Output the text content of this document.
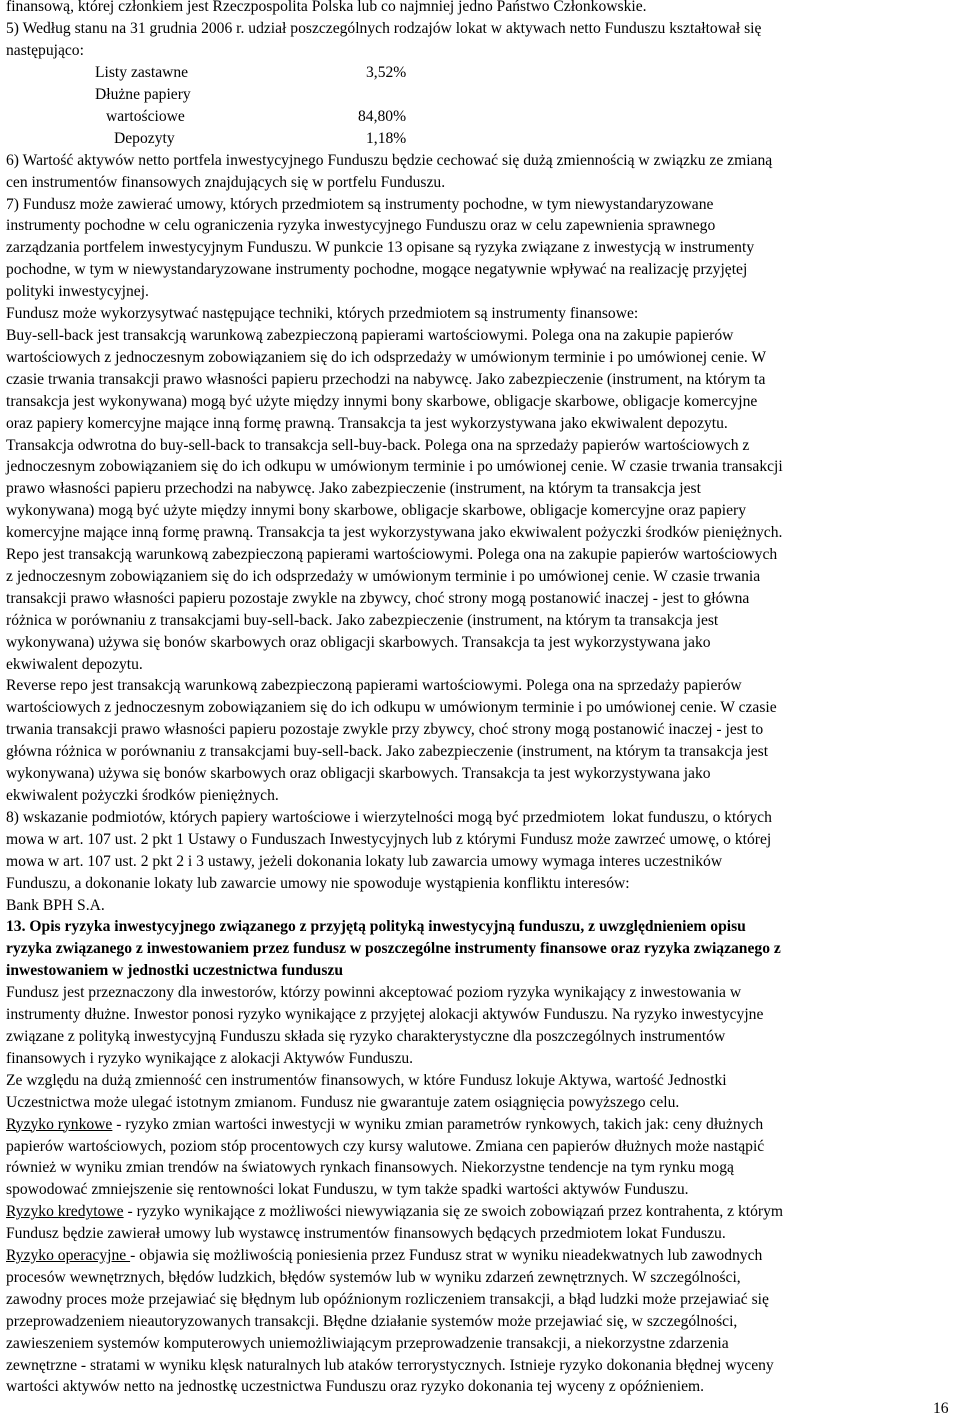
finansową, której członkiem jest Rzeczpospolita Polska lub co najmniej jedno Państwo Członkowskie.

5) Według stanu na 31 grudnia 2006 r. udział poszczególnych rodzajów lokat w aktywach netto Funduszu kształtował się

następująco:

Listy zastawne	3,52%
Dłużne papiery
wartościowe	84,80%
Depozyty	1,18%

6) Wartość aktywów netto portfela inwestycyjnego Funduszu będzie cechować się dużą zmiennością w związku ze zmianą

cen instrumentów finansowych znajdujących się w portfelu Funduszu.

7) Fundusz może zawierać umowy, których przedmiotem są instrumenty pochodne, w tym niewystandaryzowane

instrumenty pochodne w celu ograniczenia ryzyka inwestycyjnego Funduszu oraz w celu zapewnienia sprawnego

zarządzania portfelem inwestycyjnym Funduszu. W punkcie 13 opisane są ryzyka związane z inwestycją w instrumenty

pochodne, w tym w niewystandaryzowane instrumenty pochodne, mogące negatywnie wpływać na realizację przyjętej

polityki inwestycyjnej.

Fundusz może wykorzysytwać następujące techniki, których przedmiotem są instrumenty finansowe:

Buy-sell-back jest transakcją warunkową zabezpieczoną papierami wartościowymi. Polega ona na zakupie papierów

wartościowych z jednoczesnym zobowiązaniem się do ich odsprzedaży w umówionym terminie i po umówionej cenie. W

czasie trwania transakcji prawo własności papieru przechodzi na nabywcę. Jako zabezpieczenie (instrument, na którym ta

transakcja jest wykonywana) mogą być użyte między innymi bony skarbowe, obligacje skarbowe, obligacje komercyjne

oraz papiery komercyjne mające inną formę prawną. Transakcja ta jest wykorzystywana jako ekwiwalent depozytu.

Transakcja odwrotna do buy-sell-back to transakcja sell-buy-back. Polega ona na sprzedaży papierów wartościowych z

jednoczesnym zobowiązaniem się do ich odkupu w umówionym terminie i po umówionej cenie. W czasie trwania transakcji

prawo własności papieru przechodzi na nabywcę. Jako zabezpieczenie (instrument, na którym ta transakcja jest

wykonywana) mogą być użyte między innymi bony skarbowe, obligacje skarbowe, obligacje komercyjne oraz papiery

komercyjne mające inną formę prawną. Transakcja ta jest wykorzystywana jako ekwiwalent pożyczki środków pieniężnych.

Repo jest transakcją warunkową zabezpieczoną papierami wartościowymi. Polega ona na zakupie papierów wartościowych

z jednoczesnym zobowiązaniem się do ich odsprzedaży w umówionym terminie i po umówionej cenie. W czasie trwania

transakcji prawo własności papieru pozostaje zwykle na zbywcy, choć strony mogą postanowić inaczej - jest to główna

różnica w porównaniu z transakcjami buy-sell-back. Jako zabezpieczenie (instrument, na którym ta transakcja jest

wykonywana) używa się bonów skarbowych oraz obligacji skarbowych. Transakcja ta jest wykorzystywana jako

ekwiwalent depozytu.

Reverse repo jest transakcją warunkową zabezpieczoną papierami wartościowymi. Polega ona na sprzedaży papierów

wartościowych z jednoczesnym zobowiązaniem się do ich odkupu w umówionym terminie i po umówionej cenie. W czasie

trwania transakcji prawo własności papieru pozostaje zwykle przy zbywcy, choć strony mogą postanowić inaczej - jest to

główna różnica w porównaniu z transakcjami buy-sell-back. Jako zabezpieczenie (instrument, na którym ta transakcja jest

wykonywana) używa się bonów skarbowych oraz obligacji skarbowych. Transakcja ta jest wykorzystywana jako

ekwiwalent pożyczki środków pieniężnych.

8) wskazanie podmiotów, których papiery wartościowe i wierzytelności mogą być przedmiotem  lokat funduszu, o których

mowa w art. 107 ust. 2 pkt 1 Ustawy o Funduszach Inwestycyjnych lub z którymi Fundusz może zawrzeć umowę, o której

mowa w art. 107 ust. 2 pkt 2 i 3 ustawy, jeżeli dokonania lokaty lub zawarcia umowy wymaga interes uczestników

Funduszu, a dokonanie lokaty lub zawarcie umowy nie spowoduje wystąpienia konfliktu interesów:

Bank BPH S.A.

13. Opis ryzyka inwestycyjnego związanego z przyjętą polityką inwestycyjną funduszu, z uwzględnieniem opisu

ryzyka związanego z inwestowaniem przez fundusz w poszczególne instrumenty finansowe oraz ryzyka związanego z

inwestowaniem w jednostki uczestnictwa funduszu

Fundusz jest przeznaczony dla inwestorów, którzy powinni akceptować poziom ryzyka wynikający z inwestowania w

instrumenty dłużne. Inwestor ponosi ryzyko wynikające z przyjętej alokacji aktywów Funduszu. Na ryzyko inwestycyjne

związane z polityką inwestycyjną Funduszu składa się ryzyko charakterystyczne dla poszczególnych instrumentów

finansowych i ryzyko wynikające z alokacji Aktywów Funduszu.

Ze względu na dużą zmienność cen instrumentów finansowych, w które Fundusz lokuje Aktywa, wartość Jednostki

Uczestnictwa może ulegać istotnym zmianom. Fundusz nie gwarantuje zatem osiągnięcia powyższego celu.

Ryzyko rynkowe - ryzyko zmian wartości inwestycji w wyniku zmian parametrów rynkowych, takich jak: ceny dłużnych

papierów wartościowych, poziom stóp procentowych czy kursy walutowe. Zmiana cen papierów dłużnych może nastąpić

również w wyniku zmian trendów na światowych rynkach finansowych. Niekorzystne tendencje na tym rynku mogą

spowodować zmniejszenie się rentowności lokat Funduszu, w tym także spadki wartości aktywów Funduszu.

Ryzyko kredytowe - ryzyko wynikające z możliwości niewywiązania się ze swoich zobowiązań przez kontrahenta, z którym

Fundusz będzie zawierał umowy lub wystawcę instrumentów finansowych będących przedmiotem lokat Funduszu.

Ryzyko operacyjne - objawia się możliwością poniesienia przez Fundusz strat w wyniku nieadekwatnych lub zawodnych

procesów wewnętrznych, błędów ludzkich, błędów systemów lub w wyniku zdarzeń zewnętrznych. W szczególności,

zawodny proces może przejawiać się błędnym lub opóźnionym rozliczeniem transakcji, a błąd ludzki może przejawiać się

przeprowadzeniem nieautoryzowanych transakcji. Błędne działanie systemów może przejawiać się, w szczególności,

zawieszeniem systemów komputerowych uniemożliwiającym przeprowadzenie transakcji, a niekorzystne zdarzenia

zewnętrzne - stratami w wyniku klęsk naturalnych lub ataków terrorystycznych. Istnieje ryzyko dokonania błędnej wyceny

wartości aktywów netto na jednostkę uczestnictwa Funduszu oraz ryzyko dokonania tej wyceny z opóźnieniem.

16
